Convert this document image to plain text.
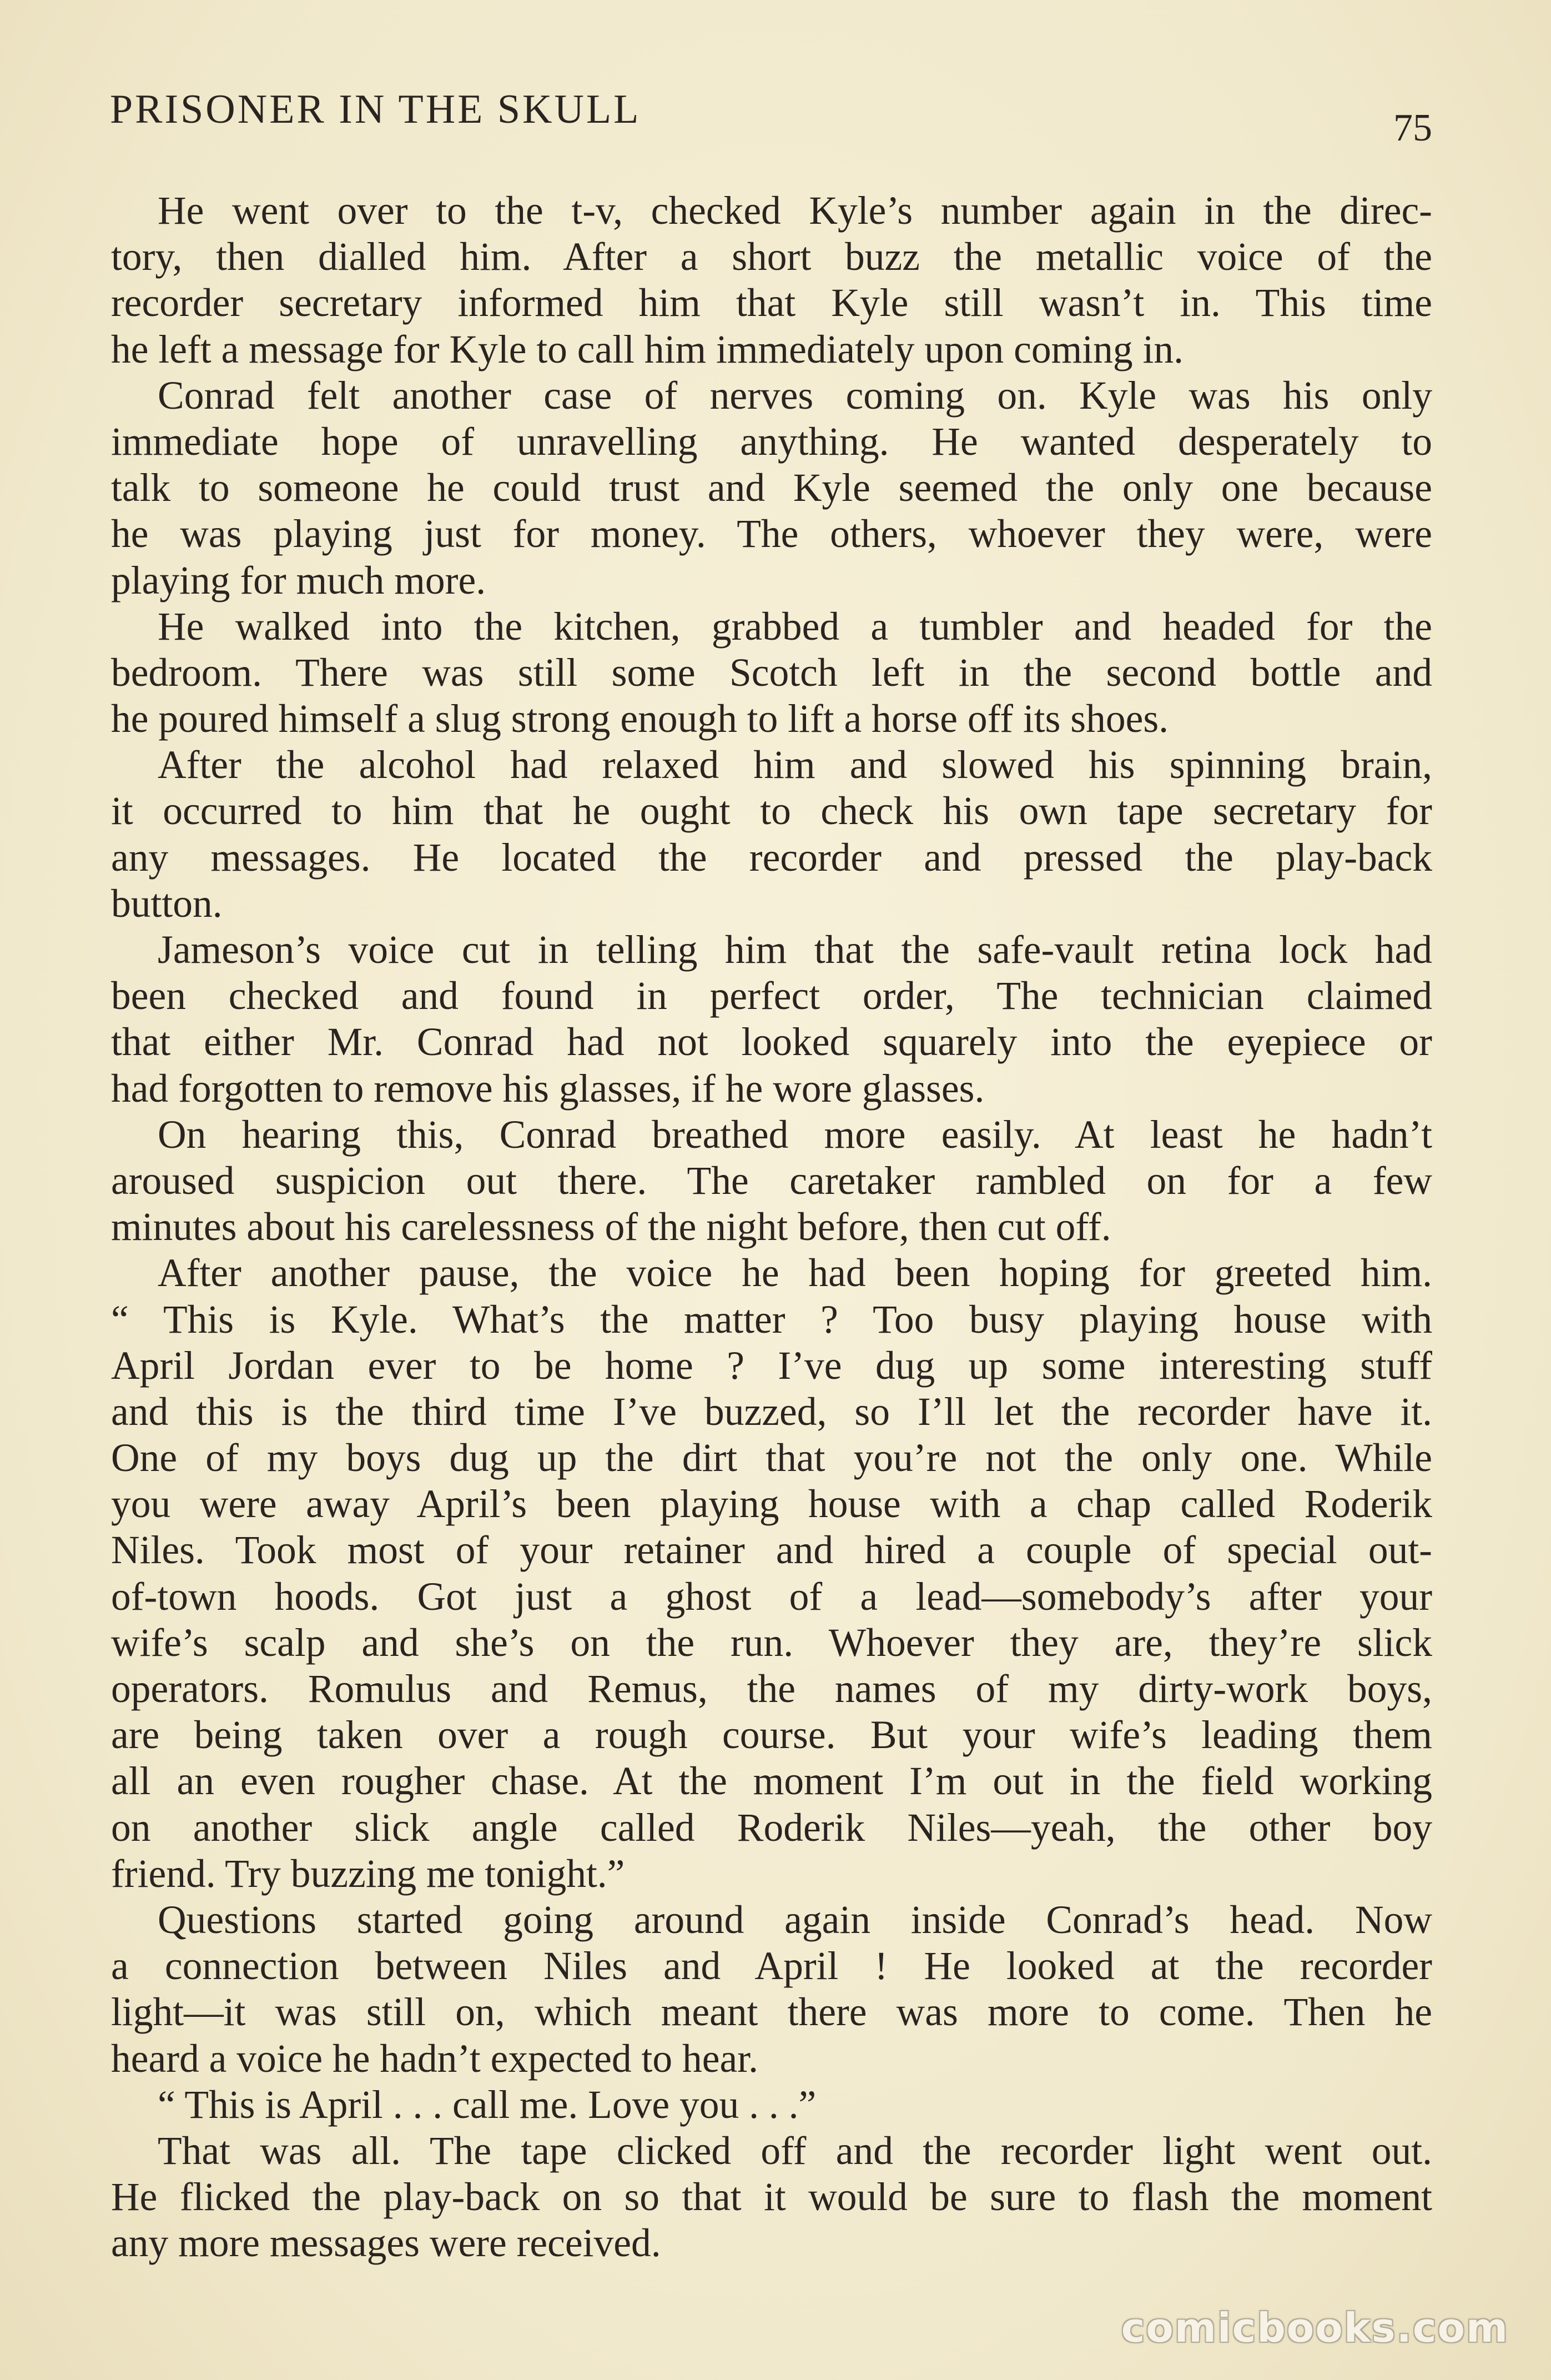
PRISONER IN THE SKULL	75
He went over to the t-v, checked Kyle’s number again in the direc-
tory, then dialled him. After a short buzz the metallic voice of the
recorder secretary informed him that Kyle still wasn’t in. This time
he left a message for Kyle to call him immediately upon coming in.
Conrad felt another case of nerves coming on. Kyle was his only
immediate hope of unravelling anything. He wanted desperately to
talk to someone he could trust and Kyle seemed the only one because
he was playing just for money. The others, whoever they were, were
playing for much more.
He walked into the kitchen, grabbed a tumbler and headed for the
bedroom. There was still some Scotch left in the second bottle and
he poured himself a slug strong enough to lift a horse off its shoes.
After the alcohol had relaxed him and slowed his spinning brain,
it occurred to him that he ought to check his own tape secretary for
any messages. He located the recorder and pressed the play-back
button.
Jameson’s voice cut in telling him that the safe-vault retina lock had
been checked and found in perfect order, The technician claimed
that either Mr. Conrad had not looked squarely into the eyepiece or
had forgotten to remove his glasses, if he wore glasses.
On hearing this, Conrad breathed more easily. At least he hadn’t
aroused suspicion out there. The caretaker rambled on for a few
minutes about his carelessness of the night before, then cut off.
After another pause, the voice he had been hoping for greeted him.
“ This is Kyle. What’s the matter ? Too busy playing house with
April Jordan ever to be home ? I’ve dug up some interesting stuff
and this is the third time I’ve buzzed, so I’ll let the recorder have it.
One of my boys dug up the dirt that you’re not the only one. While
you were away April’s been playing house with a chap called Roderik
Niles. Took most of your retainer and hired a couple of special out-
of-town hoods. Got just a ghost of a lead—somebody’s after your
wife’s scalp and she’s on the run. Whoever they are, they’re slick
operators. Romulus and Remus, the names of my dirty-work boys,
are being taken over a rough course. But your wife’s leading them
all an even rougher chase. At the moment I’m out in the field working
on another slick angle called Roderik Niles—yeah, the other boy
friend. Try buzzing me tonight.”
Questions started going around again inside Conrad’s head. Now
a connection between Niles and April ! He looked at the recorder
light—it was still on, which meant there was more to come. Then he
heard a voice he hadn’t expected to hear.
“ This is April . . . call me. Love you . . .”
That was all. The tape clicked off and the recorder light went out.
He flicked the play-back on so that it would be sure to flash the moment
any more messages were received.
comicbooks.com
